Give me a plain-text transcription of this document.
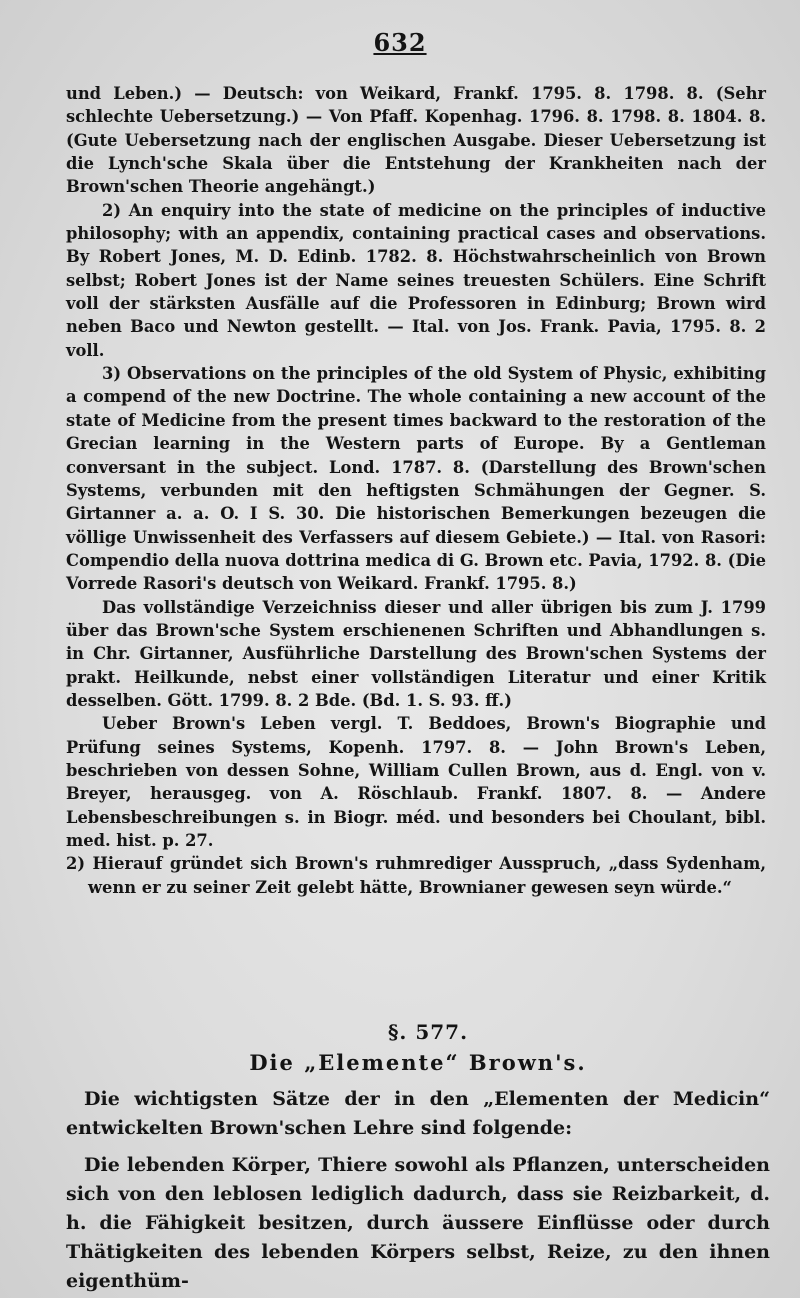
632

und Leben.) — Deutsch: von Weikard, Frankf. 1795. 8. 1798. 8. (Sehr schlechte Uebersetzung.) — Von Pfaff. Kopenhag. 1796. 8. 1798. 8. 1804. 8. (Gute Uebersetzung nach der englischen Ausgabe. Dieser Uebersetzung ist die Lynch'sche Skala über die Entstehung der Krankheiten nach der Brown'schen Theorie angehängt.)

2) An enquiry into the state of medicine on the principles of inductive philosophy; with an appendix, containing practical cases and observations. By Robert Jones, M. D. Edinb. 1782. 8. Höchstwahrscheinlich von Brown selbst; Robert Jones ist der Name seines treuesten Schülers. Eine Schrift voll der stärksten Ausfälle auf die Professoren in Edinburg; Brown wird neben Baco und Newton gestellt. — Ital. von Jos. Frank. Pavia, 1795. 8. 2 voll.

3) Observations on the principles of the old System of Physic, exhibiting a compend of the new Doctrine. The whole containing a new account of the state of Medicine from the present times backward to the restoration of the Grecian learning in the Western parts of Europe. By a Gentleman conversant in the subject. Lond. 1787. 8. (Darstellung des Brown'schen Systems, verbunden mit den heftigsten Schmähungen der Gegner. S. Girtanner a. a. O. I S. 30. Die historischen Bemerkungen bezeugen die völlige Unwissenheit des Verfassers auf diesem Gebiete.) — Ital. von Rasori: Compendio della nuova dottrina medica di G. Brown etc. Pavia, 1792. 8. (Die Vorrede Rasori's deutsch von Weikard. Frankf. 1795. 8.)

Das vollständige Verzeichniss dieser und aller übrigen bis zum J. 1799 über das Brown'sche System erschienenen Schriften und Abhandlungen s. in Chr. Girtanner, Ausführliche Darstellung des Brown'schen Systems der prakt. Heilkunde, nebst einer vollständigen Literatur und einer Kritik desselben. Gött. 1799. 8. 2 Bde. (Bd. 1. S. 93. ff.)

Ueber Brown's Leben vergl. T. Beddoes, Brown's Biographie und Prüfung seines Systems, Kopenh. 1797. 8. — John Brown's Leben, beschrieben von dessen Sohne, William Cullen Brown, aus d. Engl. von v. Breyer, herausgeg. von A. Röschlaub. Frankf. 1807. 8. — Andere Lebensbeschreibungen s. in Biogr. méd. und besonders bei Choulant, bibl. med. hist. p. 27.

2) Hierauf gründet sich Brown's ruhmrediger Ausspruch, „dass Sydenham, wenn er zu seiner Zeit gelebt hätte, Brownianer gewesen seyn würde.“

§. 577.
Die „Elemente“ Brown's.

Die wichtigsten Sätze der in den „Elementen der Medicin“ entwickelten Brown'schen Lehre sind folgende:

Die lebenden Körper, Thiere sowohl als Pflanzen, unterscheiden sich von den leblosen lediglich dadurch, dass sie Reizbarkeit, d. h. die Fähigkeit besitzen, durch äussere Einflüsse oder durch Thätigkeiten des lebenden Körpers selbst, Reize, zu den ihnen eigenthüm-
